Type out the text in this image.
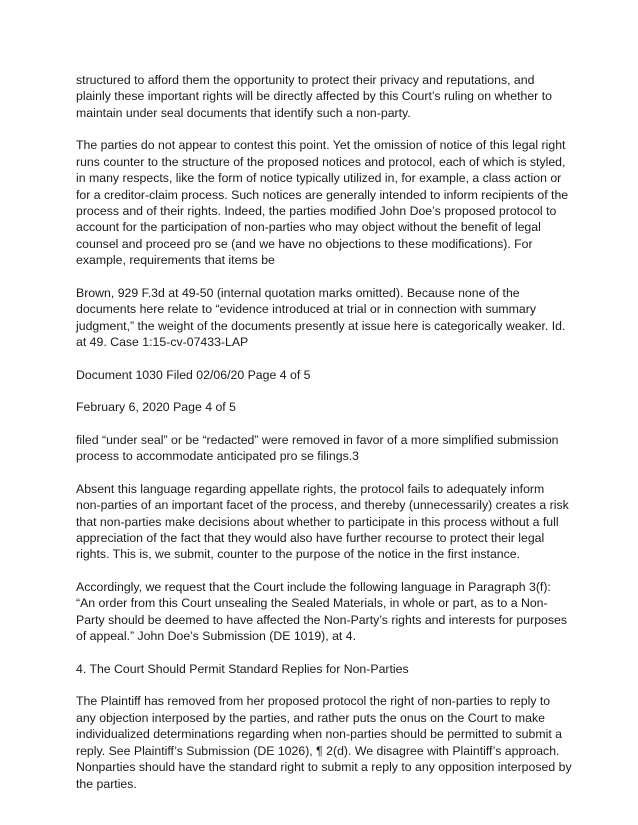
structured to afford them the opportunity to protect their privacy and reputations, and plainly these important rights will be directly affected by this Court’s ruling on whether to maintain under seal documents that identify such a non-party.

The parties do not appear to contest this point. Yet the omission of notice of this legal right runs counter to the structure of the proposed notices and protocol, each of which is styled, in many respects, like the form of notice typically utilized in, for example, a class action or for a creditor-claim process. Such notices are generally intended to inform recipients of the process and of their rights. Indeed, the parties modified John Doe’s proposed protocol to account for the participation of non-parties who may object without the benefit of legal counsel and proceed pro se (and we have no objections to these modifications). For example, requirements that items be

Brown, 929 F.3d at 49-50 (internal quotation marks omitted). Because none of the documents here relate to “evidence introduced at trial or in connection with summary judgment,” the weight of the documents presently at issue here is categorically weaker. Id. at 49. Case 1:15-cv-07433-LAP

Document 1030 Filed 02/06/20 Page 4 of 5

February 6, 2020 Page 4 of 5

filed “under seal” or be “redacted” were removed in favor of a more simplified submission process to accommodate anticipated pro se filings.3

Absent this language regarding appellate rights, the protocol fails to adequately inform non-parties of an important facet of the process, and thereby (unnecessarily) creates a risk that non-parties make decisions about whether to participate in this process without a full appreciation of the fact that they would also have further recourse to protect their legal rights. This is, we submit, counter to the purpose of the notice in the first instance.

Accordingly, we request that the Court include the following language in Paragraph 3(f): “An order from this Court unsealing the Sealed Materials, in whole or part, as to a Non-Party should be deemed to have affected the Non-Party’s rights and interests for purposes of appeal.” John Doe’s Submission (DE 1019), at 4.

4. The Court Should Permit Standard Replies for Non-Parties

The Plaintiff has removed from her proposed protocol the right of non-parties to reply to any objection interposed by the parties, and rather puts the onus on the Court to make individualized determinations regarding when non-parties should be permitted to submit a reply. See Plaintiff’s Submission (DE 1026), ¶ 2(d). We disagree with Plaintiff’s approach. Nonparties should have the standard right to submit a reply to any opposition interposed by the parties.
